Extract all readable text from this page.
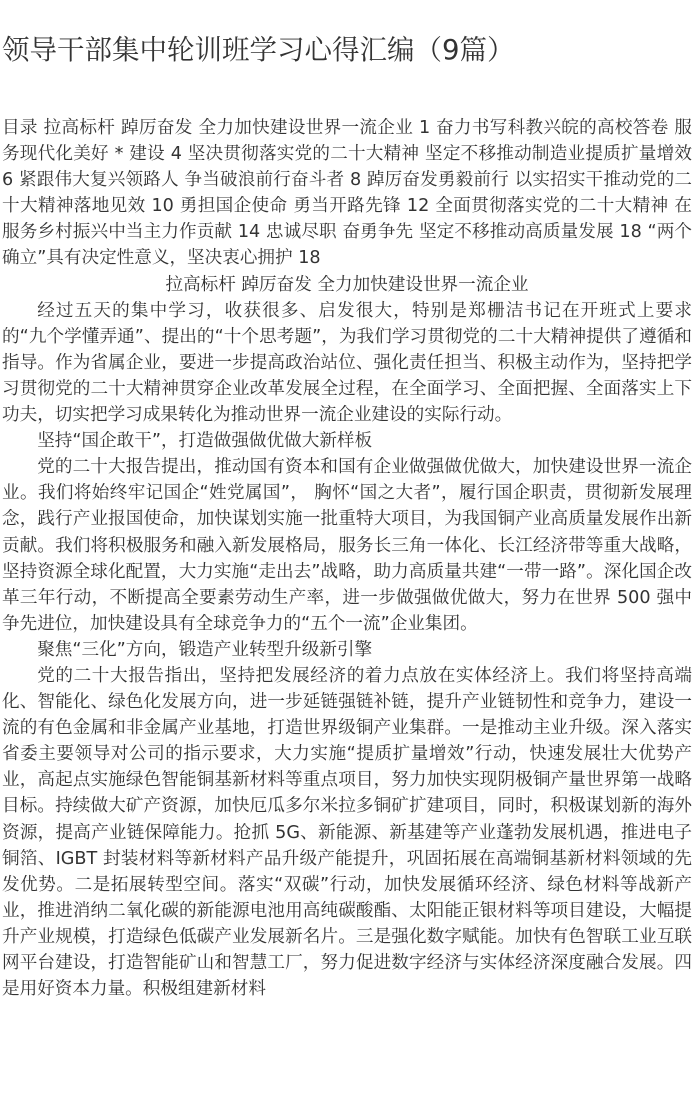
领导干部集中轮训班学习心得汇编（9篇）

目录 拉高标杆 踔厉奋发 全力加快建设世界一流企业 1 奋力书写科教兴皖的高校答卷 服务现代化美好 * 建设 4 坚决贯彻落实党的二十大精神 坚定不移推动制造业提质扩量增效 6 紧跟伟大复兴领路人 争当破浪前行奋斗者 8 踔厉奋发勇毅前行 以实招实干推动党的二十大精神落地见效 10 勇担国企使命 勇当开路先锋 12 全面贯彻落实党的二十大精神 在服务乡村振兴中当主力作贡献 14 忠诚尽职 奋勇争先 坚定不移推动高质量发展 18 “两个确立”具有决定性意义，坚决衷心拥护 18

拉高标杆 踔厉奋发 全力加快建设世界一流企业

经过五天的集中学习，收获很多、启发很大，特别是郑栅洁书记在开班式上要求的“九个学懂弄通”、提出的“十个思考题”，为我们学习贯彻党的二十大精神提供了遵循和指导。作为省属企业，要进一步提高政治站位、强化责任担当、积极主动作为，坚持把学习贯彻党的二十大精神贯穿企业改革发展全过程，在全面学习、全面把握、全面落实上下功夫，切实把学习成果转化为推动世界一流企业建设的实际行动。

坚持“国企敢干”，打造做强做优做大新样板

党的二十大报告提出，推动国有资本和国有企业做强做优做大，加快建设世界一流企业。我们将始终牢记国企“姓党属国”， 胸怀“国之大者”，履行国企职责，贯彻新发展理念，践行产业报国使命，加快谋划实施一批重特大项目，为我国铜产业高质量发展作出新贡献。我们将积极服务和融入新发展格局，服务长三角一体化、长江经济带等重大战略，坚持资源全球化配置，大力实施“走出去”战略，助力高质量共建“一带一路”。深化国企改革三年行动，不断提高全要素劳动生产率，进一步做强做优做大，努力在世界 500 强中争先进位，加快建设具有全球竞争力的“五个一流”企业集团。

聚焦“三化”方向，锻造产业转型升级新引擎

党的二十大报告指出，坚持把发展经济的着力点放在实体经济上。我们将坚持高端化、智能化、绿色化发展方向，进一步延链强链补链，提升产业链韧性和竞争力，建设一流的有色金属和非金属产业基地，打造世界级铜产业集群。一是推动主业升级。深入落实省委主要领导对公司的指示要求，大力实施“提质扩量增效”行动，快速发展壮大优势产业，高起点实施绿色智能铜基新材料等重点项目，努力加快实现阴极铜产量世界第一战略目标。持续做大矿产资源，加快厄瓜多尔米拉多铜矿扩建项目，同时，积极谋划新的海外资源，提高产业链保障能力。抢抓 5G、新能源、新基建等产业蓬勃发展机遇，推进电子铜箔、IGBT 封装材料等新材料产品升级产能提升，巩固拓展在高端铜基新材料领域的先发优势。二是拓展转型空间。落实“双碳”行动，加快发展循环经济、绿色材料等战新产业，推进消纳二氧化碳的新能源电池用高纯碳酸酯、太阳能正银材料等项目建设，大幅提升产业规模，打造绿色低碳产业发展新名片。三是强化数字赋能。加快有色智联工业互联网平台建设，打造智能矿山和智慧工厂，努力促进数字经济与实体经济深度融合发展。四是用好资本力量。积极组建新材料
